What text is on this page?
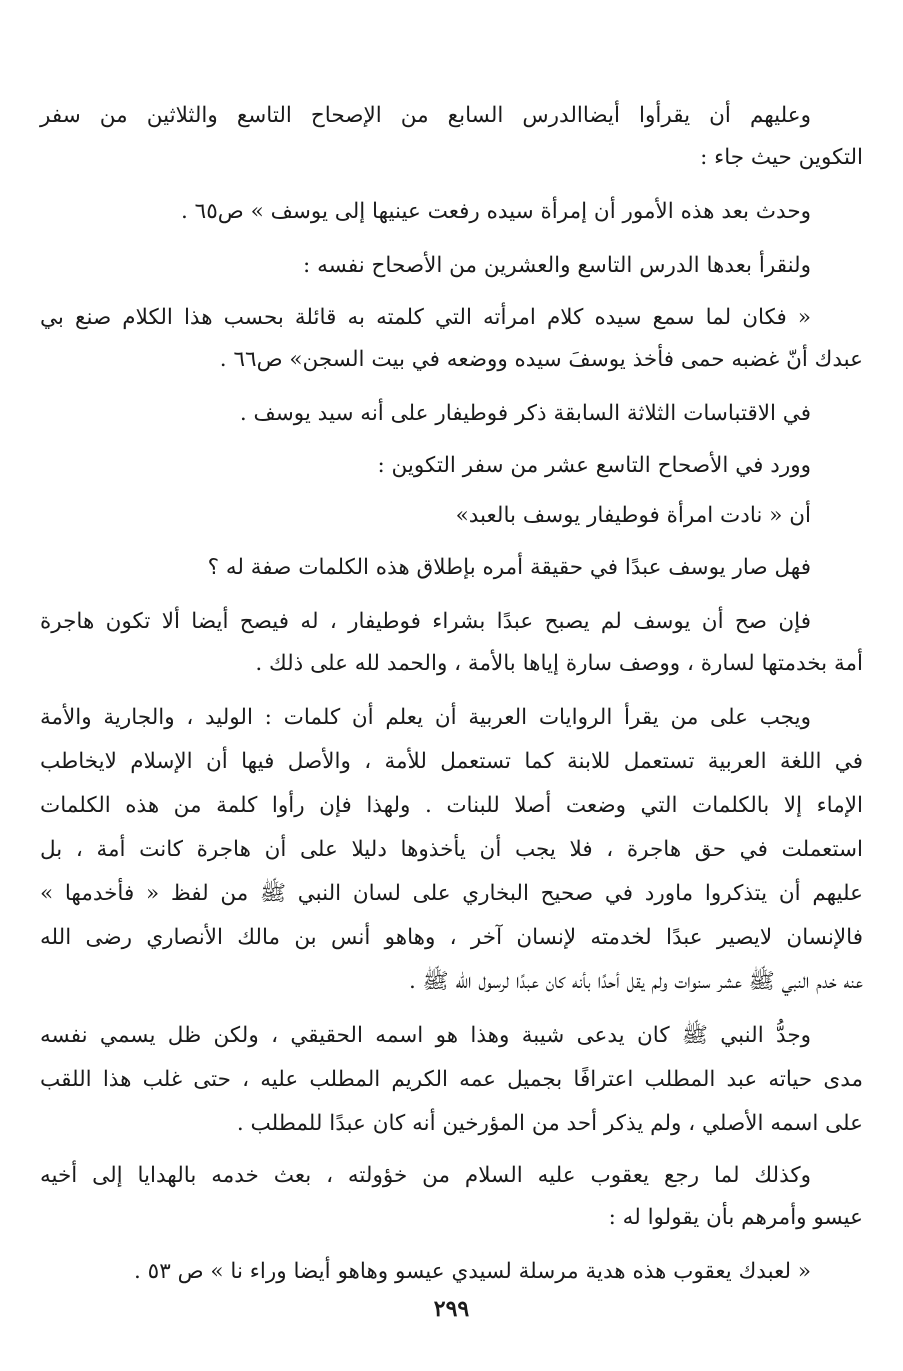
وعليهم أن يقرأوا أيضاالدرس السابع من الإصحاح التاسع والثلاثين من سفر
التكوين حيث جاء :
وحدث بعد هذه الأمور أن إمرأة سيده رفعت عينيها إلى يوسف » ص٦٥ .
ولنقرأ بعدها الدرس التاسع والعشرين من الأصحاح نفسه :
« فكان لما سمع سيده كلام امرأته التي كلمته به قائلة بحسب هذا الكلام صنع بي
عبدك أنّ غضبه حمى فأخذ يوسفَ سيده ووضعه في بيت السجن» ص٦٦ .
في الاقتباسات الثلاثة السابقة ذكر فوطيفار على أنه سيد يوسف .
وورد في الأصحاح التاسع عشر من سفر التكوين :
أن « نادت امرأة فوطيفار يوسف بالعبد»
فهل صار يوسف عبدًا في حقيقة أمره بإطلاق هذه الكلمات صفة له ؟
فإن صح أن يوسف لم يصبح عبدًا بشراء فوطيفار ، له فيصح أيضا ألا تكون هاجرة
أمة بخدمتها لسارة ، ووصف سارة إياها بالأمة ، والحمد لله على ذلك .
ويجب على من يقرأ الروايات العربية أن يعلم أن كلمات : الوليد ، والجارية والأمة
في اللغة العربية تستعمل للابنة كما تستعمل للأمة ، والأصل فيها أن الإسلام لايخاطب
الإماء إلا بالكلمات التي وضعت أصلا للبنات . ولهذا فإن رأوا كلمة من هذه الكلمات
استعملت في حق هاجرة ، فلا يجب أن يأخذوها دليلا على أن هاجرة كانت أمة ، بل
عليهم أن يتذكروا ماورد في صحيح البخاري على لسان النبي ﷺ من لفظ « فأخدمها »
فالإنسان لايصير عبدًا لخدمته لإنسان آخر ، وهاهو أنس بن مالك الأنصاري رضى الله
عنه خدم النبي ﷺ عشر سنوات ولم يقل أحدًا بأنه كان عبدًا لرسول الله ﷺ .
وجدُّ النبي ﷺ كان يدعى شيبة وهذا هو اسمه الحقيقي ، ولكن ظل يسمي نفسه
مدى حياته عبد المطلب اعترافًا بجميل عمه الكريم المطلب عليه ، حتى غلب هذا اللقب
على اسمه الأصلي ، ولم يذكر أحد من المؤرخين أنه كان عبدًا للمطلب .
وكذلك لما رجع يعقوب عليه السلام من خؤولته ، بعث خدمه بالهدايا إلى أخيه
عيسو وأمرهم بأن يقولوا له :
« لعبدك يعقوب هذه هدية مرسلة لسيدي عيسو وهاهو أيضا وراء نا » ص ٥٣ .
٢٩٩
